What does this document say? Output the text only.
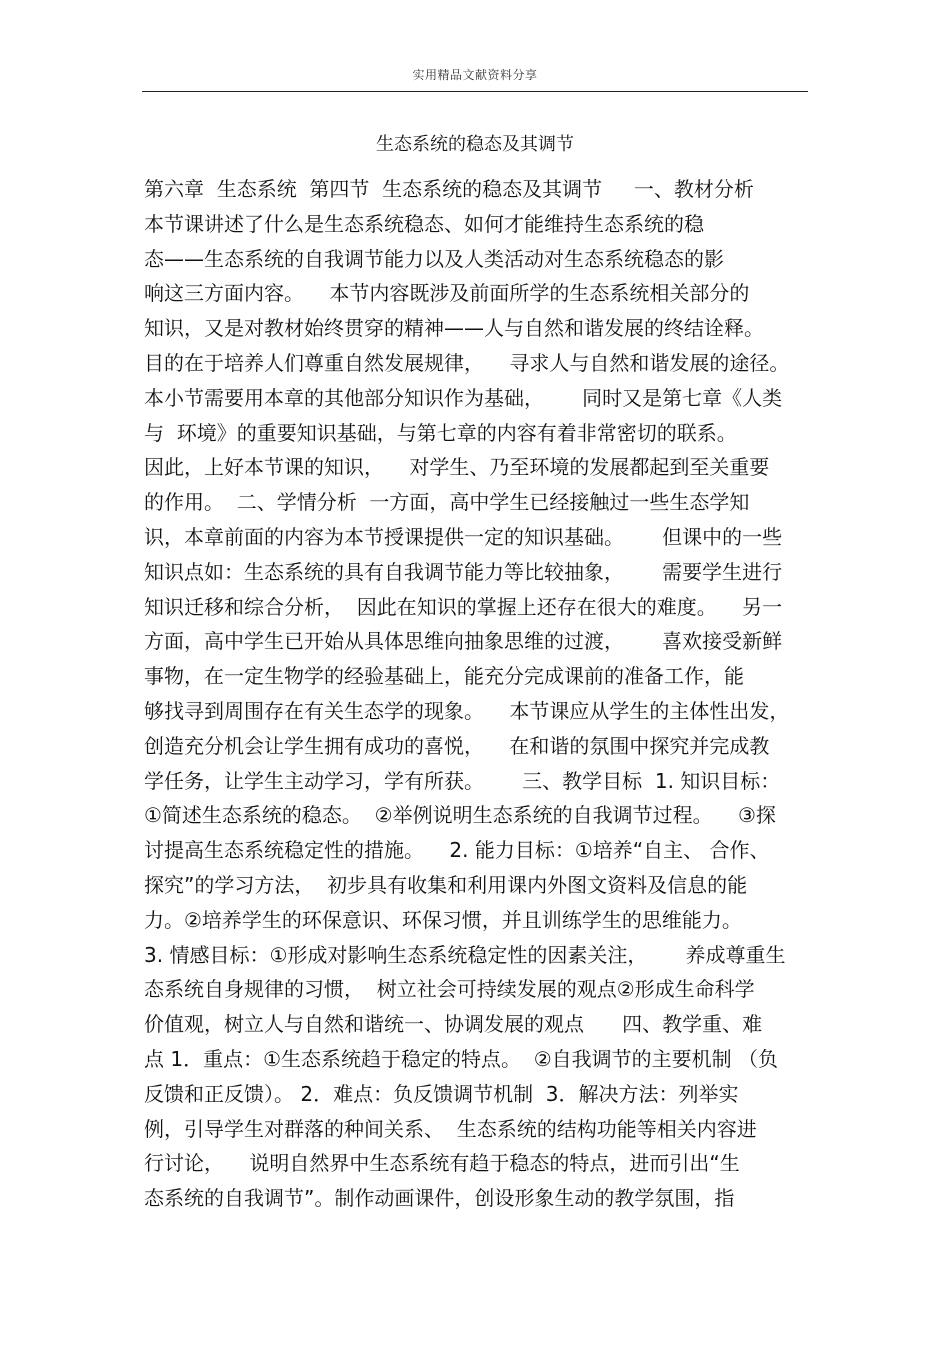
实用精品文献资料分享
生态系统的稳态及其调节
第六章  生态系统  第四节  生态系统的稳态及其调节     一、教材分析
本节课讲述了什么是生态系统稳态、如何才能维持生态系统的稳
态——生态系统的自我调节能力以及人类活动对生态系统稳态的影
响这三方面内容。    本节内容既涉及前面所学的生态系统相关部分的
知识，又是对教材始终贯穿的精神——人与自然和谐发展的终结诠释。
目的在于培养人们尊重自然发展规律，    寻求人与自然和谐发展的途径。
本小节需要用本章的其他部分知识作为基础，      同时又是第七章《人类
与  环境》的重要知识基础，与第七章的内容有着非常密切的联系。
因此，上好本节课的知识，    对学生、乃至环境的发展都起到至关重要
的作用。  二、学情分析  一方面，高中学生已经接触过一些生态学知
识，本章前面的内容为本节授课提供一定的知识基础。      但课中的一些
知识点如：生态系统的具有自我调节能力等比较抽象，      需要学生进行
知识迁移和综合分析，  因此在知识的掌握上还存在很大的难度。    另一
方面，高中学生已开始从具体思维向抽象思维的过渡，      喜欢接受新鲜
事物，在一定生物学的经验基础上，能充分完成课前的准备工作，能
够找寻到周围存在有关生态学的现象。    本节课应从学生的主体性出发，
创造充分机会让学生拥有成功的喜悦，    在和谐的氛围中探究并完成教
学任务，让学生主动学习，学有所获。      三、教学目标  1. 知识目标：
①简述生态系统的稳态。  ②举例说明生态系统的自我调节过程。    ③探
讨提高生态系统稳定性的措施。    2. 能力目标：①培养“自主、 合作、
探究”的学习方法，  初步具有收集和利用课内外图文资料及信息的能
力。②培养学生的环保意识、环保习惯，并且训练学生的思维能力。
3. 情感目标：①形成对影响生态系统稳定性的因素关注，      养成尊重生
态系统自身规律的习惯，  树立社会可持续发展的观点②形成生命科学
价值观，树立人与自然和谐统一、协调发展的观点      四、教学重、难
点 1．重点：①生态系统趋于稳定的特点。  ②自我调节的主要机制 （负
反馈和正反馈）。 2．难点：负反馈调节机制  3．解决方法：列举实
例，引导学生对群落的种间关系、  生态系统的结构功能等相关内容进
行讨论，    说明自然界中生态系统有趋于稳态的特点，进而引出“生
态系统的自我调节”。制作动画课件，创设形象生动的教学氛围，指
